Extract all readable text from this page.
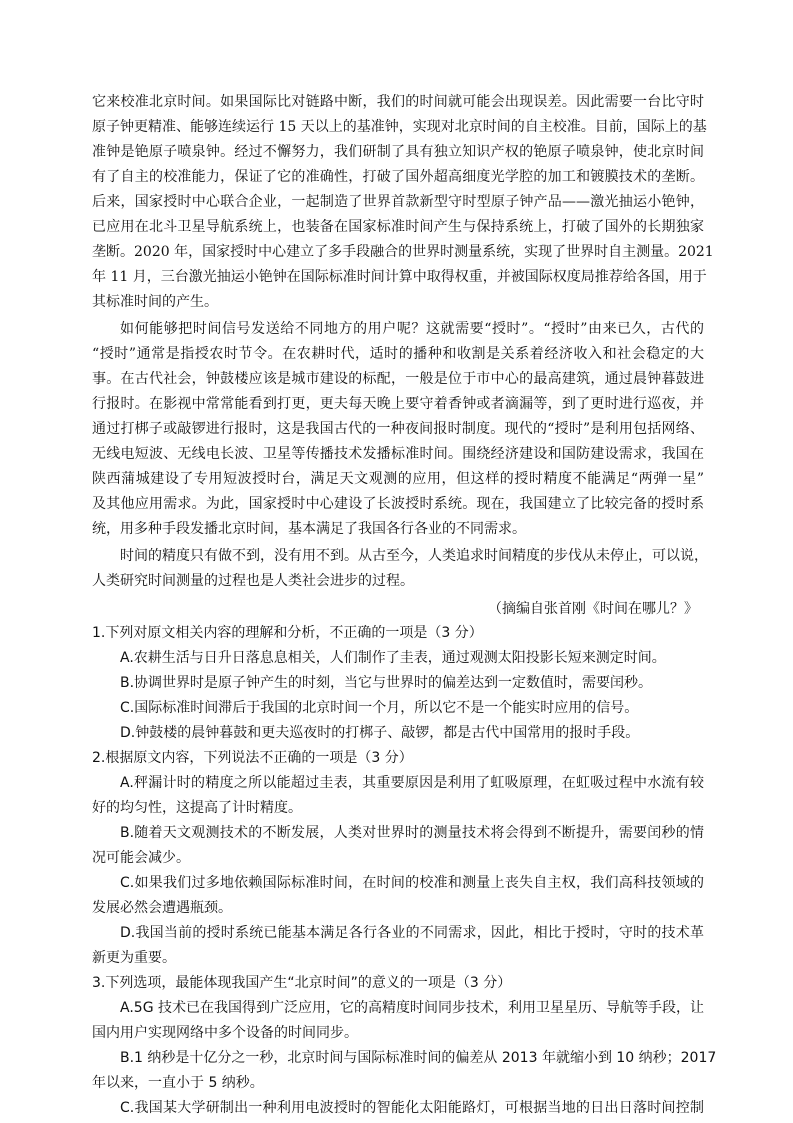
它来校准北京时间。如果国际比对链路中断，我们的时间就可能会出现误差。因此需要一台比守时
原子钟更精准、能够连续运行 15 天以上的基准钟，实现对北京时间的自主校准。目前，国际上的基
准钟是铯原子喷泉钟。经过不懈努力，我们研制了具有独立知识产权的铯原子喷泉钟，使北京时间
有了自主的校准能力，保证了它的准确性，打破了国外超高细度光学腔的加工和镀膜技术的垄断。
后来，国家授时中心联合企业，一起制造了世界首款新型守时型原子钟产品——激光抽运小铯钟，
已应用在北斗卫星导航系统上，也装备在国家标准时间产生与保持系统上，打破了国外的长期独家
垄断。2020 年，国家授时中心建立了多手段融合的世界时测量系统，实现了世界时自主测量。2021
年 11 月，三台激光抽运小铯钟在国际标准时间计算中取得权重，并被国际权度局推荐给各国，用于
其标准时间的产生。
如何能够把时间信号发送给不同地方的用户呢？这就需要“授时”。“授时”由来已久，古代的
“授时”通常是指授农时节令。在农耕时代，适时的播种和收割是关系着经济收入和社会稳定的大
事。在古代社会，钟鼓楼应该是城市建设的标配，一般是位于市中心的最高建筑，通过晨钟暮鼓进
行报时。在影视中常常能看到打更，更夫每天晚上要守着香钟或者滴漏等，到了更时进行巡夜，并
通过打梆子或敲锣进行报时，这是我国古代的一种夜间报时制度。现代的“授时”是利用包括网络、
无线电短波、无线电长波、卫星等传播技术发播标准时间。围绕经济建设和国防建设需求，我国在
陕西蒲城建设了专用短波授时台，满足天文观测的应用，但这样的授时精度不能满足“两弹一星”
及其他应用需求。为此，国家授时中心建设了长波授时系统。现在，我国建立了比较完备的授时系
统，用多种手段发播北京时间，基本满足了我国各行各业的不同需求。
时间的精度只有做不到，没有用不到。从古至今，人类追求时间精度的步伐从未停止，可以说，
人类研究时间测量的过程也是人类社会进步的过程。
（摘编自张首刚《时间在哪儿？》
1.下列对原文相关内容的理解和分析，不正确的一项是（3 分）
A.农耕生活与日升日落息息相关，人们制作了圭表，通过观测太阳投影长短来测定时间。
B.协调世界时是原子钟产生的时刻，当它与世界时的偏差达到一定数值时，需要闰秒。
C.国际标准时间滞后于我国的北京时间一个月，所以它不是一个能实时应用的信号。
D.钟鼓楼的晨钟暮鼓和更夫巡夜时的打梆子、敲锣，都是古代中国常用的报时手段。
2.根据原文内容，下列说法不正确的一项是（3 分）
A.秤漏计时的精度之所以能超过圭表，其重要原因是利用了虹吸原理，在虹吸过程中水流有较
好的均匀性，这提高了计时精度。
B.随着天文观测技术的不断发展，人类对世界时的测量技术将会得到不断提升，需要闰秒的情
况可能会减少。
C.如果我们过多地依赖国际标准时间，在时间的校准和测量上丧失自主权，我们高科技领域的
发展必然会遭遇瓶颈。
D.我国当前的授时系统已能基本满足各行各业的不同需求，因此，相比于授时，守时的技术革
新更为重要。
3.下列选项，最能体现我国产生“北京时间”的意义的一项是（3 分）
A.5G 技术已在我国得到广泛应用，它的高精度时间同步技术，利用卫星星历、导航等手段，让
国内用户实现网络中多个设备的时间同步。
B.1 纳秒是十亿分之一秒，北京时间与国际标准时间的偏差从 2013 年就缩小到 10 纳秒；2017
年以来，一直小于 5 纳秒。
C.我国某大学研制出一种利用电波授时的智能化太阳能路灯，可根据当地的日出日落时间控制
